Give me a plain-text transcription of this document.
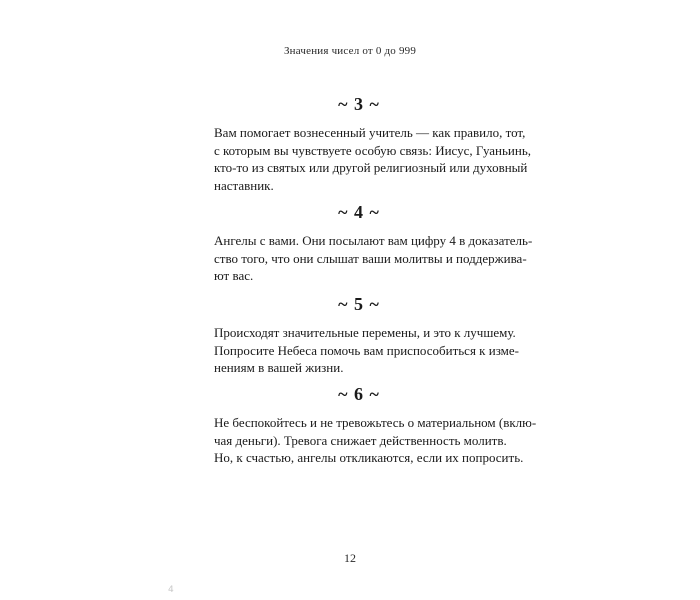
Значения чисел от 0 до 999
~ 3 ~
Вам помогает вознесенный учитель — как правило, тот,
с которым вы чувствуете особую связь: Иисус, Гуаньинь,
кто-то из святых или другой религиозный или духовный
наставник.
~ 4 ~
Ангелы с вами. Они посылают вам цифру 4 в доказатель-
ство того, что они слышат ваши молитвы и поддержива-
ют вас.
~ 5 ~
Происходят значительные перемены, и это к лучшему.
Попросите Небеса помочь вам приспособиться к изме-
нениям в вашей жизни.
~ 6 ~
Не беспокойтесь и не тревожьтесь о материальном (вклю-
чая деньги). Тревога снижает действенность молитв.
Но, к счастью, ангелы откликаются, если их попросить.
12
4
